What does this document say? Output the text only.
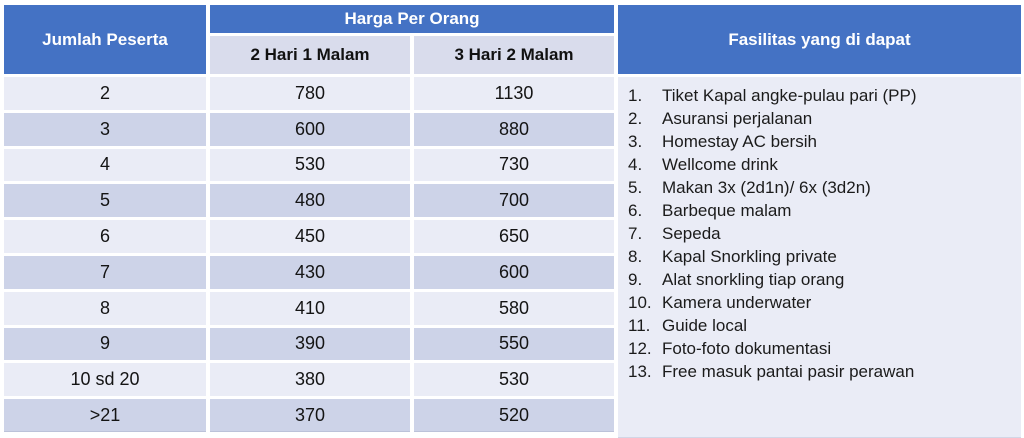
Jumlah Peserta
Harga Per Orang
2 Hari 1 Malam	3 Hari 2 Malam
2	780	1130
3	600	880
4	530	730
5	480	700
6	450	650
7	430	600
8	410	580
9	390	550
10 sd 20	380	530
>21	370	520
Fasilitas yang di dapat
1.	Tiket Kapal angke-pulau pari (PP)
2.	Asuransi perjalanan
3.	Homestay AC bersih
4.	Wellcome drink
5.	Makan 3x (2d1n)/ 6x (3d2n)
6.	Barbeque malam
7.	Sepeda
8.	Kapal Snorkling private
9.	Alat snorkling tiap orang
10. Kamera underwater
11. Guide local
12. Foto-foto dokumentasi
13. Free masuk pantai pasir perawan
